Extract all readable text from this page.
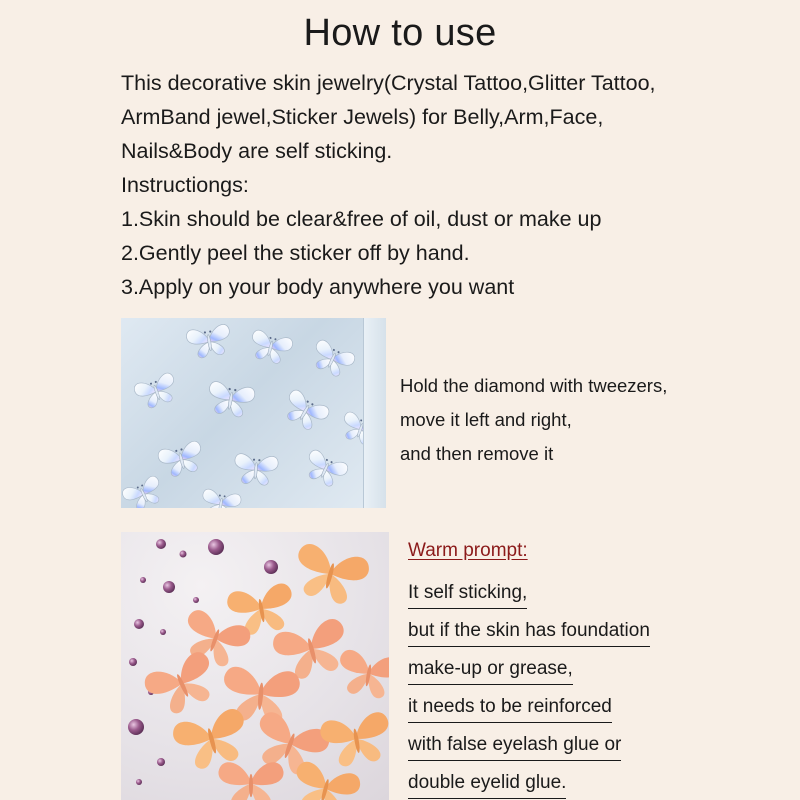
How to use
This decorative skin jewelry(Crystal Tattoo,Glitter Tattoo,
ArmBand jewel,Sticker Jewels) for Belly,Arm,Face,
Nails&Body are self sticking.
Instructiongs:
1.Skin should be clear&free of oil, dust or make up
2.Gently peel the sticker off by hand.
3.Apply on your body anywhere you want
Hold the diamond with tweezers,
move it left and right,
and then remove it
Warm prompt:
It self sticking,
but if the skin has foundation
make-up or grease,
it needs to be reinforced
with false eyelash glue or
double eyelid glue.
